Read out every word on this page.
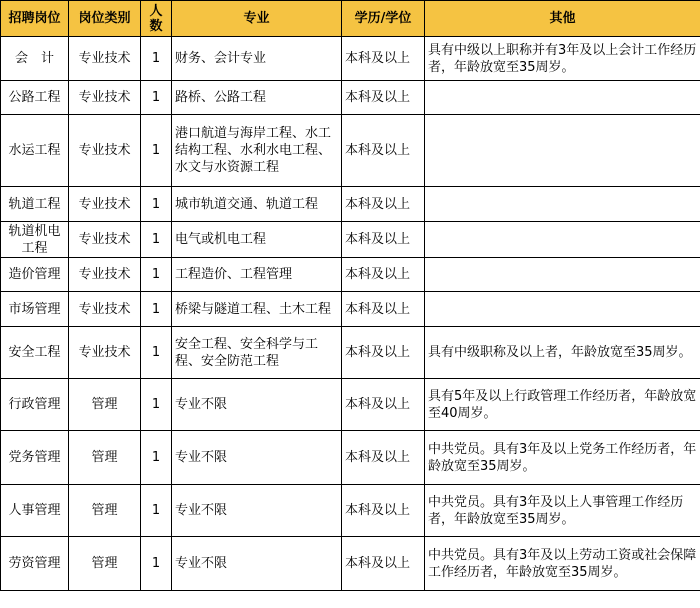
招聘岗位	岗位类别	人数	专业	学历/学位	其他
会　计	专业技术	1	财务、会计专业	本科及以上	具有中级以上职称并有3年及以上会计工作经历者，年龄放宽至35周岁。
公路工程	专业技术	1	路桥、公路工程	本科及以上	
水运工程	专业技术	1	港口航道与海岸工程、水工结构工程、水利水电工程、水文与水资源工程	本科及以上	
轨道工程	专业技术	1	城市轨道交通、轨道工程	本科及以上	
轨道机电工程	专业技术	1	电气或机电工程	本科及以上	
造价管理	专业技术	1	工程造价、工程管理	本科及以上	
市场管理	专业技术	1	桥梁与隧道工程、土木工程	本科及以上	
安全工程	专业技术	1	安全工程、安全科学与工程、安全防范工程	本科及以上	具有中级职称及以上者，年龄放宽至35周岁。
行政管理	管理	1	专业不限	本科及以上	具有5年及以上行政管理工作经历者，年龄放宽至40周岁。
党务管理	管理	1	专业不限	本科及以上	中共党员。具有3年及以上党务工作经历者，年龄放宽至35周岁。
人事管理	管理	1	专业不限	本科及以上	中共党员。具有3年及以上人事管理工作经历者，年龄放宽至35周岁。
劳资管理	管理	1	专业不限	本科及以上	中共党员。具有3年及以上劳动工资或社会保障工作经历者，年龄放宽至35周岁。
